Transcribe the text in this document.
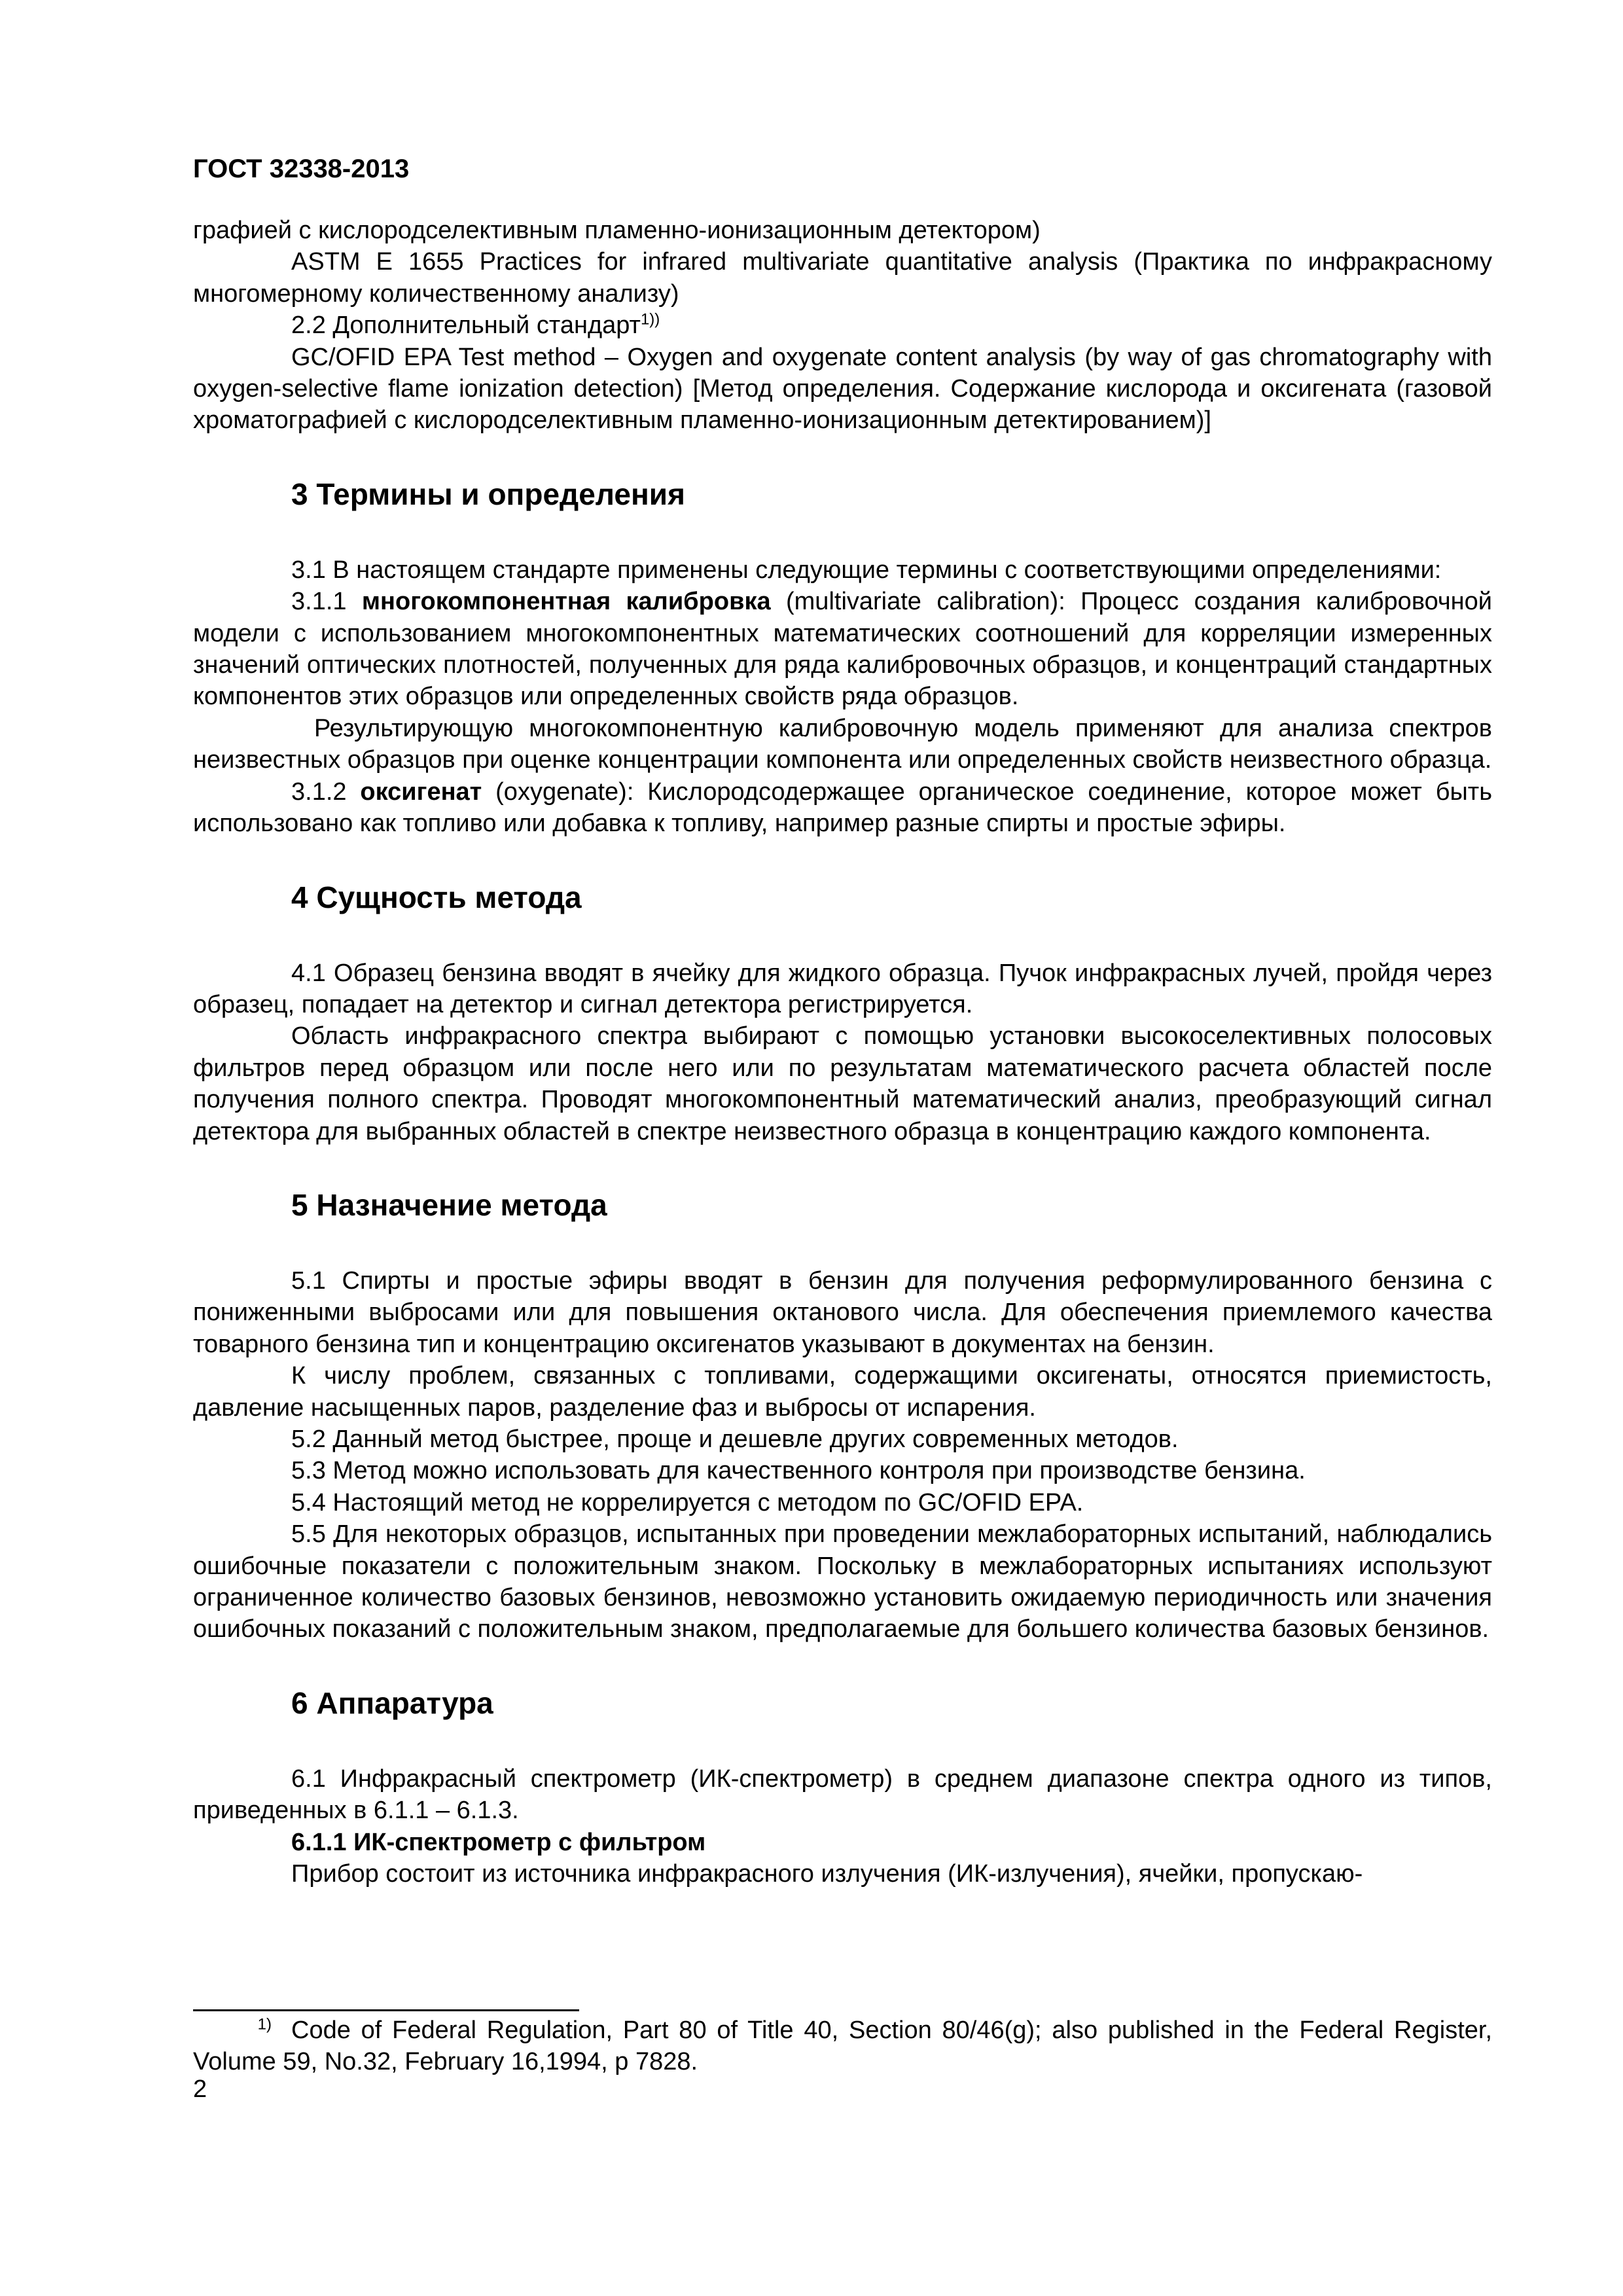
ГОСТ 32338-2013

графией с кислородселективным пламенно-ионизационным детектором)

ASTM E 1655 Practices for infrared multivariate quantitative analysis (Практика по инфракрасному многомерному количественному анализу)

2.2 Дополнительный стандарт$^{1))}$

GC/OFID EPA Test method – Oxygen and oxygenate content analysis (by way of gas chromatography with oxygen-selective flame ionization detection) [Метод определения. Содержание кислорода и оксигената (газовой хроматографией с кислородселективным пламенно-ионизационным детектированием)]

3 Термины и определения

3.1 В настоящем стандарте применены следующие термины с соответствующими определениями:

3.1.1 многокомпонентная калибровка (multivariate calibration): Процесс создания калибровочной модели с использованием многокомпонентных математических соотношений для корреляции измеренных значений оптических плотностей, полученных для ряда калибровочных образцов, и концентраций стандартных компонентов этих образцов или определенных свойств ряда образцов.

Результирующую многокомпонентную калибровочную модель применяют для анализа спектров неизвестных образцов при оценке концентрации компонента или определенных свойств неизвестного образца.

3.1.2 оксигенат (oxygenate): Кислородсодержащее органическое соединение, которое может быть использовано как топливо или добавка к топливу, например разные спирты и простые эфиры.

4 Сущность метода

4.1 Образец бензина вводят в ячейку для жидкого образца. Пучок инфракрасных лучей, пройдя через образец, попадает на детектор и сигнал детектора регистрируется.

Область инфракрасного спектра выбирают с помощью установки высокоселективных полосовых фильтров перед образцом или после него или по результатам математического расчета областей после получения полного спектра. Проводят многокомпонентный математический анализ, преобразующий сигнал детектора для выбранных областей в спектре неизвестного образца в концентрацию каждого компонента.

5 Назначение метода

5.1 Спирты и простые эфиры вводят в бензин для получения реформулированного бензина с пониженными выбросами или для повышения октанового числа. Для обеспечения приемлемого качества товарного бензина тип и концентрацию оксигенатов указывают в документах на бензин.

К числу проблем, связанных с топливами, содержащими оксигенаты, относятся приемистость, давление насыщенных паров, разделение фаз и выбросы от испарения.

5.2 Данный метод быстрее, проще и дешевле других современных методов.

5.3 Метод можно использовать для качественного контроля при производстве бензина.

5.4 Настоящий метод не коррелируется с методом по GC/OFID EPA.

5.5 Для некоторых образцов, испытанных при проведении межлабораторных испытаний, наблюдались ошибочные показатели с положительным знаком. Поскольку в межлабораторных испытаниях используют ограниченное количество базовых бензинов, невозможно установить ожидаемую периодичность или значения ошибочных показаний с положительным знаком, предполагаемые для большего количества базовых бензинов.

6 Аппаратура

6.1 Инфракрасный спектрометр (ИК-спектрометр) в среднем диапазоне спектра одного из типов, приведенных в 6.1.1 – 6.1.3.

6.1.1 ИК-спектрометр с фильтром

Прибор состоит из источника инфракрасного излучения (ИК-излучения), ячейки, пропускаю-

$^{1)}$ Code of Federal Regulation, Part 80 of Title 40, Section 80/46(g); also published in the Federal Register, Volume 59, No.32, February 16,1994, p 7828.
2
